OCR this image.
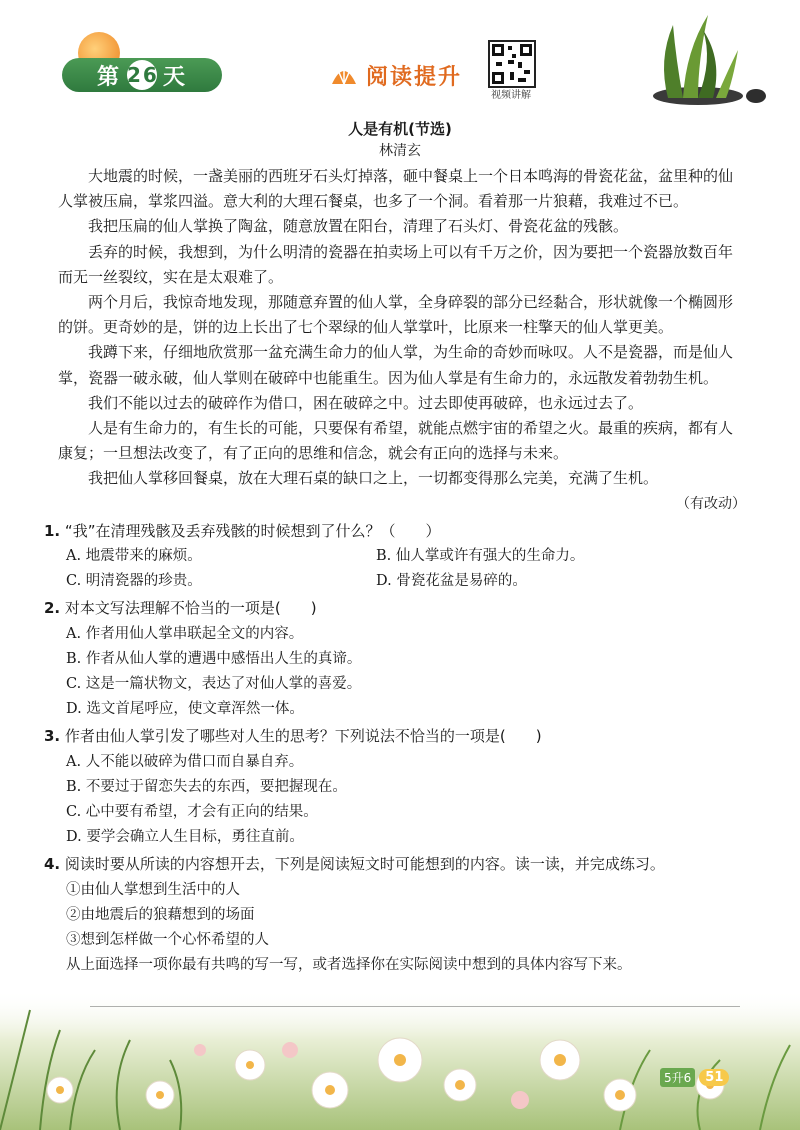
第 26 天	阅读提升
视频讲解
人是有机(节选)
林清玄

大地震的时候，一盏美丽的西班牙石头灯掉落，砸中餐桌上一个日本鸣海的骨瓷花盆，盆里种的仙人掌被压扁，掌浆四溢。意大利的大理石餐桌，也多了一个洞。看着那一片狼藉，我难过不已。

我把压扁的仙人掌换了陶盆，随意放置在阳台，清理了石头灯、骨瓷花盆的残骸。

丢弃的时候，我想到，为什么明清的瓷器在拍卖场上可以有千万之价，因为要把一个瓷器放数百年而无一丝裂纹，实在是太艰难了。

两个月后，我惊奇地发现，那随意弃置的仙人掌，全身碎裂的部分已经黏合，形状就像一个椭圆形的饼。更奇妙的是，饼的边上长出了七个翠绿的仙人掌掌叶，比原来一柱擎天的仙人掌更美。

我蹲下来，仔细地欣赏那一盆充满生命力的仙人掌，为生命的奇妙而咏叹。人不是瓷器，而是仙人掌，瓷器一破永破，仙人掌则在破碎中也能重生。因为仙人掌是有生命力的，永远散发着勃勃生机。

我们不能以过去的破碎作为借口，困在破碎之中。过去即使再破碎，也永远过去了。

人是有生命力的，有生长的可能，只要保有希望，就能点燃宇宙的希望之火。最重的疾病，都有人康复；一旦想法改变了，有了正向的思维和信念，就会有正向的选择与未来。

我把仙人掌移回餐桌，放在大理石桌的缺口之上，一切都变得那么完美，充满了生机。

（有改动）

1. “我”在清理残骸及丢弃残骸的时候想到了什么？（　　）
A. 地震带来的麻烦。	B. 仙人掌或许有强大的生命力。
C. 明清瓷器的珍贵。	D. 骨瓷花盆是易碎的。
2. 对本文写法理解不恰当的一项是(　　)
A. 作者用仙人掌串联起全文的内容。
B. 作者从仙人掌的遭遇中感悟出人生的真谛。
C. 这是一篇状物文，表达了对仙人掌的喜爱。
D. 选文首尾呼应，使文章浑然一体。
3. 作者由仙人掌引发了哪些对人生的思考？下列说法不恰当的一项是(　　)
A. 人不能以破碎为借口而自暴自弃。
B. 不要过于留恋失去的东西，要把握现在。
C. 心中要有希望，才会有正向的结果。
D. 要学会确立人生目标，勇往直前。
4. 阅读时要从所读的内容想开去，下列是阅读短文时可能想到的内容。读一读，并完成练习。
①由仙人掌想到生活中的人
②由地震后的狼藉想到的场面
③想到怎样做一个心怀希望的人
从上面选择一项你最有共鸣的写一写，或者选择你在实际阅读中想到的具体内容写下来。
5升6	51
